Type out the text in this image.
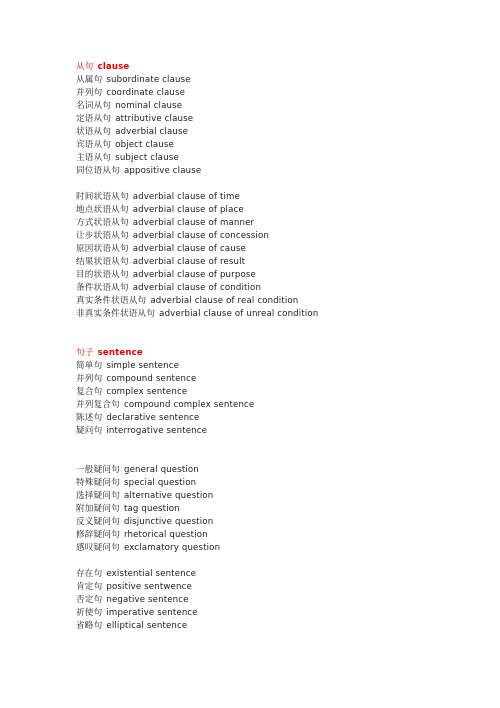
从句 clause
从属句 subordinate clause
并列句 coordinate clause
名词从句 nominal clause
定语从句 attributive clause
状语从句 adverbial clause
宾语从句 object clause
主语从句 subject clause
同位语从句 appositive clause
时间状语从句 adverbial clause of time
地点状语从句 adverbial clause of place
方式状语从句 adverbial clause of manner
让步状语从句 adverbial clause of concession
原因状语从句 adverbial clause of cause
结果状语从句 adverbial clause of result
目的状语从句 adverbial clause of purpose
条件状语从句 adverbial clause of condition
真实条件状语从句 adverbial clause of real condition
非真实条件状语从句 adverbial clause of unreal condition
句子 sentence
简单句 simple sentence
并列句 compound sentence
复合句 complex sentence
并列复合句 compound complex sentence
陈述句 declarative sentence
疑问句 interrogative sentence
一般疑问句 general question
特殊疑问句 special question
选择疑问句 alternative question
附加疑问句 tag question
反义疑问句 disjunctive question
修辞疑问句 rhetorical question
感叹疑问句 exclamatory question
存在句 existential sentence
肯定句 positive sentwence
否定句 negative sentence
祈使句 imperative sentence
省略句 elliptical sentence
